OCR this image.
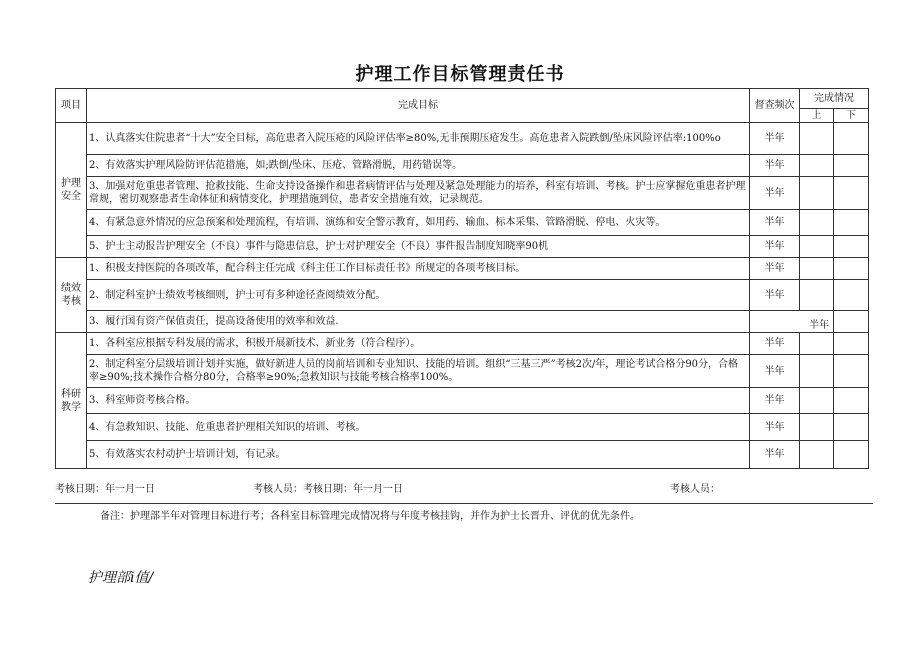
护理工作目标管理责任书
项目	完成目标	督查频次	完成情况	
			上	下
护理安全	1、认真落实住院患者“十大”安全目标，高危患者入院压疮的风险评估率≥80%,无非预期压疮发生。高危患者入院跌倒/坠床风险评估率:100%o	半年		
	2、有效落实护理风险防评估范措施，如;跌倒/坠床、压疮、管路滑脱，用药错误等。	半年		
	3、加强对危重患者管理、抢救技能、生命支持设备操作和患者病情评估与处理及紧急处理能力的培养，科室有培训、考核。护士应掌握危重患者护理常规，密切观察患者生命体征和病情变化，护理措施到位，患者安全措施有效，记录规范。	半年		
	4、有紧急意外情况的应急预案和处理流程，有培训、演练和安全警示教育，如用药、输血、标本采集、管路滑脱、停电、火灾等。	半年		
	5、护士主动报告护理安全（不良）事件与隐患信息，护士对护理安全（不良）事件报告制度知晓率90机	半年		
绩效考核	1、积极支持医院的各项改革，配合科主任完成《科主任工作目标责任书》所规定的各项考核目标。	半年		
	2、制定科室护士绩效考核细则，护士可有多种途径查阅绩效分配。	半年		
	3、履行国有资产保值责任，提高设备使用的效率和效益.	半年		
科研教学	1、各科室应根据专科发展的需求，积极开展新技术、新业务（符合程序）。	半年		
	2、制定科室分层级培训计划并实施，做好新进人员的岗前培训和专业知识、技能的培训。组织“三基三严”考核2次/年，理论考试合格分90分，合格率≥90%;技术操作合格分80分，合格率≥90%;急救知识与技能考核合格率100%。	半年		
	3、科室师资考核合格。	半年		
	4、有急救知识、技能、危重患者护理相关知识的培训、考核。	半年		
	5、有效落实农村动护士培训计划，有记录。	半年		
考核日期：年一月一日	考核人员：考核日期：年一月一日	考核人员：
备注：护理部半年对管理目标进行考；各科室目标管理完成情况将与年度考核挂钩，并作为护士长晋升、评优的优先条件。
护理部i值/
